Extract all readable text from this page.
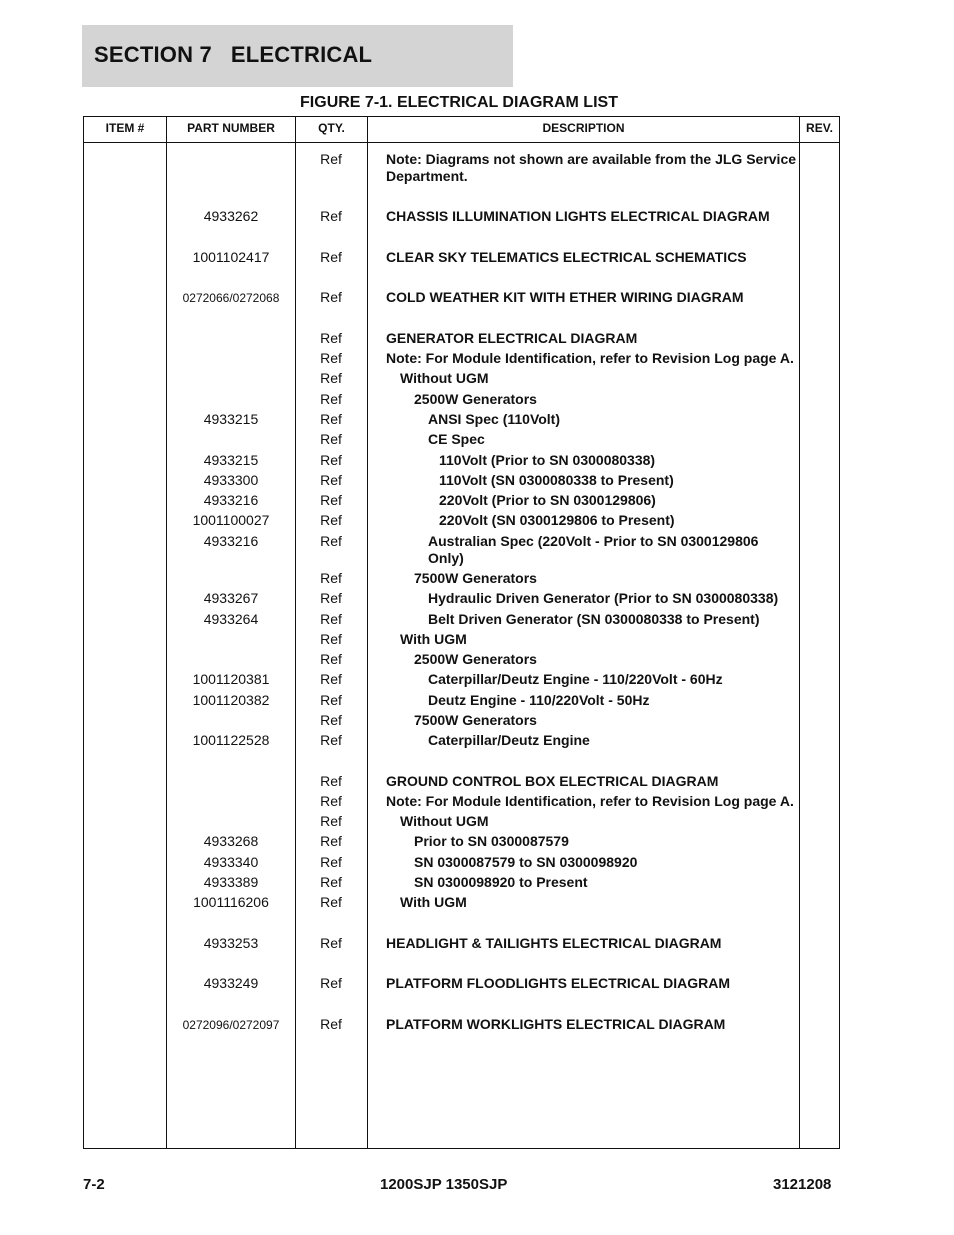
SECTION 7   ELECTRICAL
FIGURE 7-1. ELECTRICAL DIAGRAM LIST
ITEM #	PART NUMBER	QTY.	DESCRIPTION	REV.
Ref	Note: Diagrams not shown are available from the JLG Service Department.
4933262	Ref	CHASSIS ILLUMINATION LIGHTS ELECTRICAL DIAGRAM
1001102417	Ref	CLEAR SKY TELEMATICS ELECTRICAL SCHEMATICS
0272066/0272068	Ref	COLD WEATHER KIT WITH ETHER WIRING DIAGRAM
Ref	GENERATOR ELECTRICAL DIAGRAM
Ref	Note: For Module Identification, refer to Revision Log page A.
Ref	Without UGM
Ref	2500W Generators
4933215	Ref	ANSI Spec (110Volt)
Ref	CE Spec
4933215	Ref	110Volt (Prior to SN 0300080338)
4933300	Ref	110Volt (SN 0300080338 to Present)
4933216	Ref	220Volt (Prior to SN 0300129806)
1001100027	Ref	220Volt (SN 0300129806 to Present)
4933216	Ref	Australian Spec (220Volt - Prior to SN 0300129806 Only)
Ref	7500W Generators
4933267	Ref	Hydraulic Driven Generator (Prior to SN 0300080338)
4933264	Ref	Belt Driven Generator (SN 0300080338 to Present)
Ref	With UGM
Ref	2500W Generators
1001120381	Ref	Caterpillar/Deutz Engine - 110/220Volt - 60Hz
1001120382	Ref	Deutz Engine - 110/220Volt - 50Hz
Ref	7500W Generators
1001122528	Ref	Caterpillar/Deutz Engine
Ref	GROUND CONTROL BOX ELECTRICAL DIAGRAM
Ref	Note: For Module Identification, refer to Revision Log page A.
Ref	Without UGM
4933268	Ref	Prior to SN 0300087579
4933340	Ref	SN 0300087579 to SN 0300098920
4933389	Ref	SN 0300098920 to Present
1001116206	Ref	With UGM
4933253	Ref	HEADLIGHT & TAILIGHTS ELECTRICAL DIAGRAM
4933249	Ref	PLATFORM FLOODLIGHTS ELECTRICAL DIAGRAM
0272096/0272097	Ref	PLATFORM WORKLIGHTS ELECTRICAL DIAGRAM
7-2	1200SJP 1350SJP	3121208
